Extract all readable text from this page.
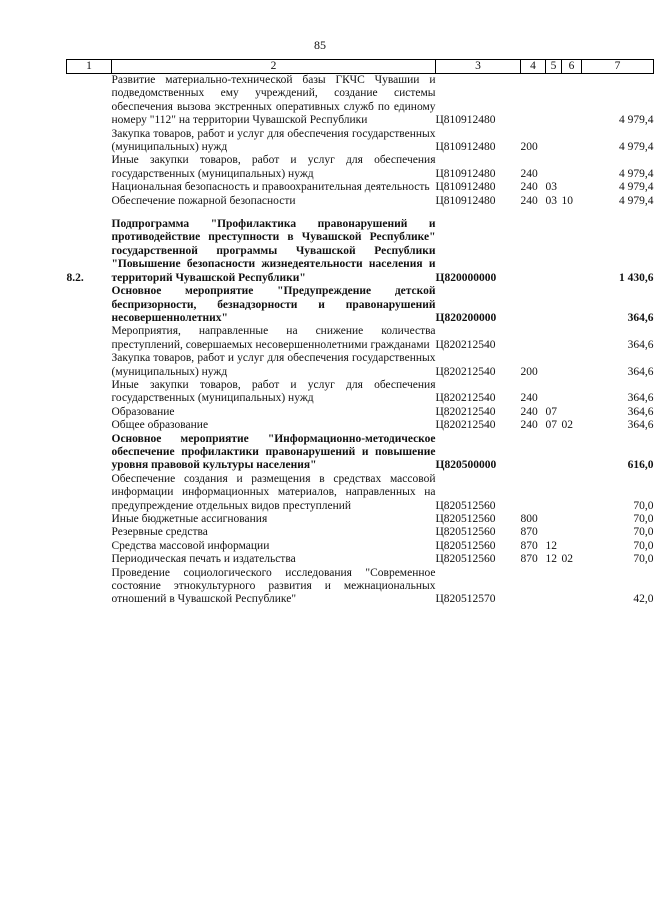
85
1	2	3	4	5	6	7
	Развитие материально-технической базы ГКЧС Чувашии и подведомственных ему учреждений, создание системы обеспечения вызова экстренных оперативных служб по единому номеру "112" на территории Чувашской Республики	Ц810912480				4 979,4
	Закупка товаров, работ и услуг для обеспечения государственных (муниципальных) нужд	Ц810912480	200			4 979,4
	Иные закупки товаров, работ и услуг для обеспечения государственных (муниципальных) нужд	Ц810912480	240			4 979,4
	Национальная безопасность и правоохранительная деятельность	Ц810912480	240	03		4 979,4
	Обеспечение пожарной безопасности	Ц810912480	240	03	10	4 979,4

8.2.	Подпрограмма "Профилактика правонарушений и противодействие преступности в Чувашской Республике" государственной программы Чувашской Республики "Повышение безопасности жизнедеятельности населения и территорий Чувашской Республики"	Ц820000000				1 430,6
	Основное мероприятие "Предупреждение детской беспризорности, безнадзорности и правонарушений несовершеннолетних"	Ц820200000				364,6
	Мероприятия, направленные на снижение количества преступлений, совершаемых несовершеннолетними гражданами	Ц820212540				364,6
	Закупка товаров, работ и услуг для обеспечения государственных (муниципальных) нужд	Ц820212540	200			364,6
	Иные закупки товаров, работ и услуг для обеспечения государственных (муниципальных) нужд	Ц820212540	240			364,6
	Образование	Ц820212540	240	07		364,6
	Общее образование	Ц820212540	240	07	02	364,6
	Основное мероприятие "Информационно-методическое обеспечение профилактики правонарушений и повышение уровня правовой культуры населения"	Ц820500000				616,0
	Обеспечение создания и размещения в средствах массовой информации информационных материалов, направленных на предупреждение отдельных видов преступлений	Ц820512560				70,0
	Иные бюджетные ассигнования	Ц820512560	800			70,0
	Резервные средства	Ц820512560	870			70,0
	Средства массовой информации	Ц820512560	870	12		70,0
	Периодическая печать и издательства	Ц820512560	870	12	02	70,0
	Проведение социологического исследования "Современное состояние этнокультурного развития и межнациональных отношений в Чувашской Республике"	Ц820512570				42,0
